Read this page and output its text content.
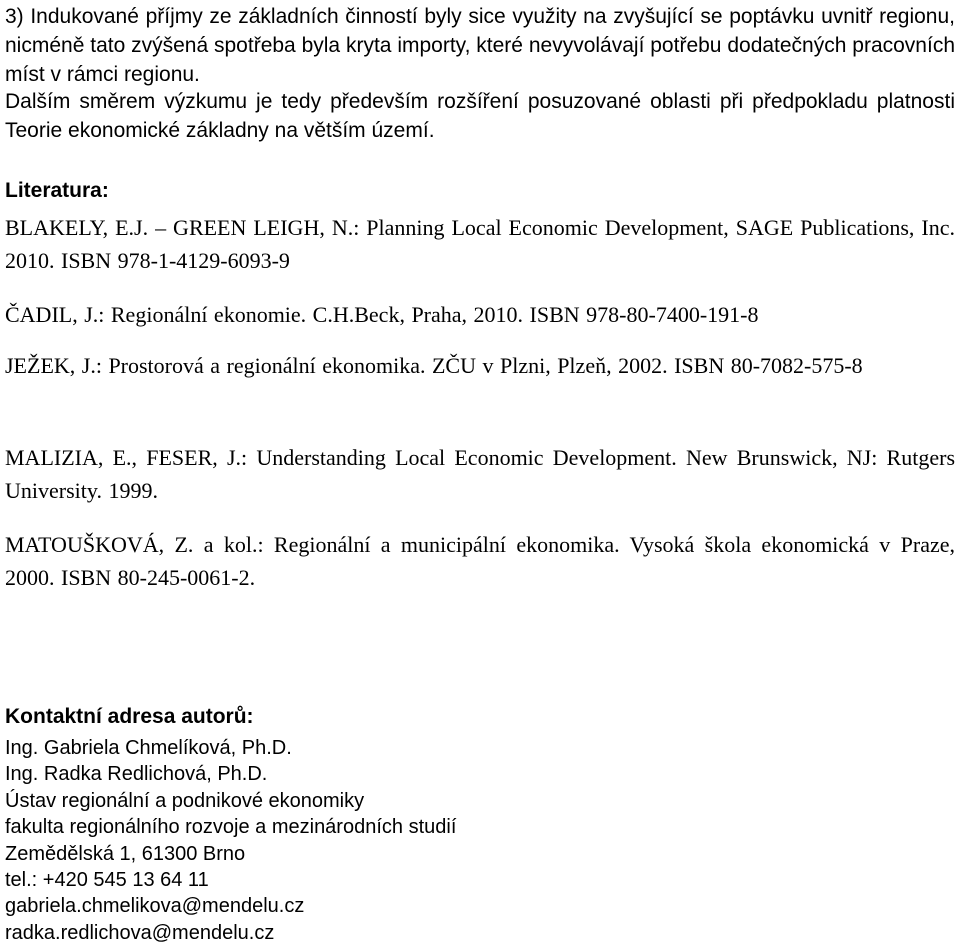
3) Indukované příjmy ze základních činností byly sice využity na zvyšující se poptávku uvnitř regionu, nicméně tato zvýšená spotřeba byla kryta importy, které nevyvolávají potřebu dodatečných pracovních míst v rámci regionu.

Dalším směrem výzkumu je tedy především rozšíření posuzované oblasti při předpokladu platnosti Teorie ekonomické základny na větším území.

Literatura:
BLAKELY, E.J. – GREEN LEIGH, N.: Planning Local Economic Development, SAGE Publications, Inc. 2010. ISBN 978-1-4129-6093-9
ČADIL, J.: Regionální ekonomie. C.H.Beck, Praha, 2010. ISBN 978-80-7400-191-8
JEŽEK, J.: Prostorová a regionální ekonomika. ZČU v Plzni, Plzeň, 2002. ISBN 80-7082-575-8
MALIZIA, E., FESER, J.: Understanding Local Economic Development. New Brunswick, NJ: Rutgers University. 1999.
MATOUŠKOVÁ, Z. a kol.: Regionální a municipální ekonomika. Vysoká škola ekonomická v Praze, 2000. ISBN 80-245-0061-2.
Kontaktní adresa autorů:
Ing. Gabriela Chmelíková, Ph.D.
Ing. Radka Redlichová, Ph.D.
Ústav regionální a podnikové ekonomiky
fakulta regionálního rozvoje a mezinárodních studií
Zemědělská 1, 61300 Brno
tel.: +420 545 13 64 11
gabriela.chmelikova@mendelu.cz
radka.redlichova@mendelu.cz
